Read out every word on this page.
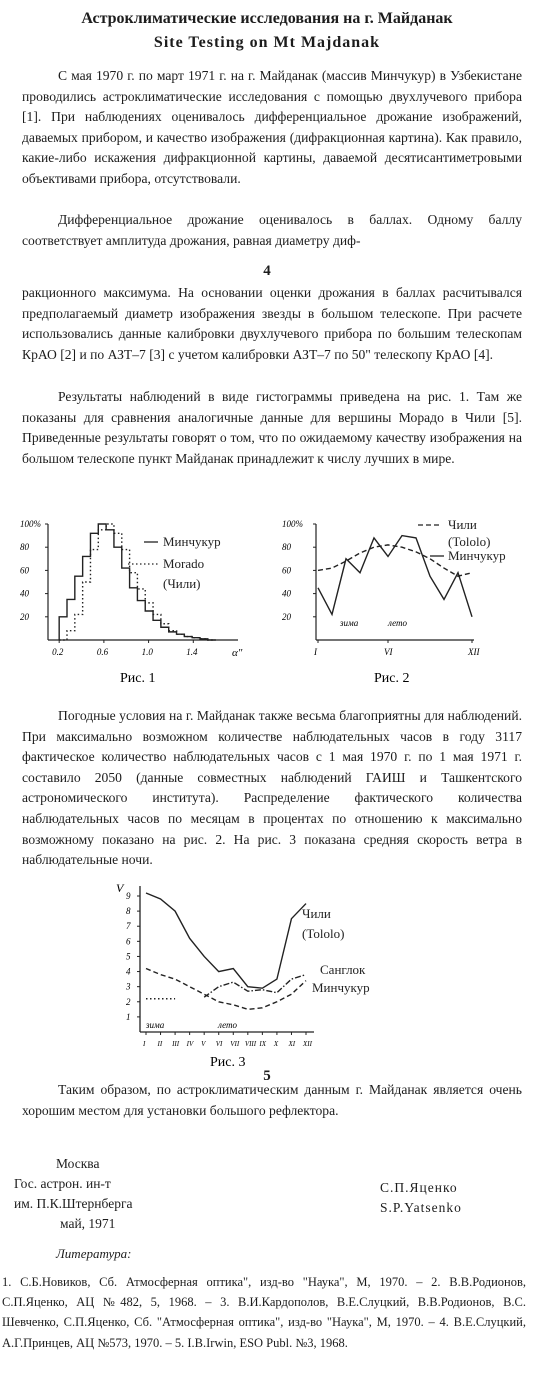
Астроклиматические исследования на г. Майданак
Site Testing on Mt Majdanak

С мая 1970 г. по март 1971 г. на г. Майданак (массив Минчукур) в Узбекистане проводились астроклиматические исследования с помощью двухлучевого прибора [1]. При наблюдениях оценивалось дифференциальное дрожание изображений, даваемых прибором, и качество изображения (дифракционная картина). Как правило, какие-либо искажения дифракционной картины, даваемой десятисантиметровыми объективами прибора, отсутствовали.

Дифференциальное дрожание оценивалось в баллах. Одному баллу соответствует амплитуда дрожания, равная диаметру диф-

4

ракционного максимума. На основании оценки дрожания в баллах расчитывался предполагаемый диаметр изображения звезды в большом телескопе. При расчете использовались данные калибровки двухлучевого прибора по большим телескопам КрАО [2] и по АЗТ–7 [3] с учетом калибровки АЗТ–7 по 50" телескопу КрАО [4].

Результаты наблюдений в виде гистограммы приведена на рис. 1. Там же показаны для сравнения аналогичные данные для вершины Морадо в Чили [5]. Приведенные результаты говорят о том, что по ожидаемому качеству изображения на большом телескопе пункт Майданак принадлежит к числу лучших в мире.

20
40
60
80
100%
0.2	0.6	1.0	1.4	α"
Минчукур
Morado
(Чили)
Рис. 1
20
40
60
80
100%
I	VI	XII
зима	лето
Чили
(Tololo)
Минчукур
Рис. 2

Погодные условия на г. Майданак также весьма благоприятны для наблюдений. При максимально возможном количестве наблюдательных часов в году 3117 фактическое количество наблюдательных часов с 1 мая 1970 г. по 1 мая 1971 г. составило 2050 (данные совместных наблюдений ГАИШ и Ташкентского астрономического института). Распределение фактического количества наблюдательных часов по месяцам в процентах по отношению к максимально возможному показано на рис. 2. На рис. 3 показана средняя скорость ветра в наблюдательные ночи.

V
1
2
3
4
5
6
7
8
9
I II III IV V VI VII VIII IX X XI XII
зима	лето
Чили
(Tololo)
Санглок
Минчукур
Рис. 3
5

Таким образом, по астроклиматическим данным г. Майданак является очень хорошим местом для установки большого рефлектора.

Москва
Гос. астрон. ин-т
им. П.К.Штернберга
май, 1971
С.П.Яценко
S.P.Yatsenko
Литература:

1. С.Б.Новиков, Сб. Атмосферная оптика", изд-во "Наука", М, 1970. – 2. В.В.Родионов, С.П.Яценко, АЦ №482, 5, 1968. – 3. В.И.Кардополов, В.Е.Слуцкий, В.В.Родионов, В.С. Шевченко, С.П.Яценко, Сб. "Атмосферная оптика", изд-во "Наука", М, 1970. – 4. В.Е.Слуцкий, А.Г.Принцев, АЦ №573, 1970. – 5. I.B.Irwin, ESO Publ. №3, 1968.
